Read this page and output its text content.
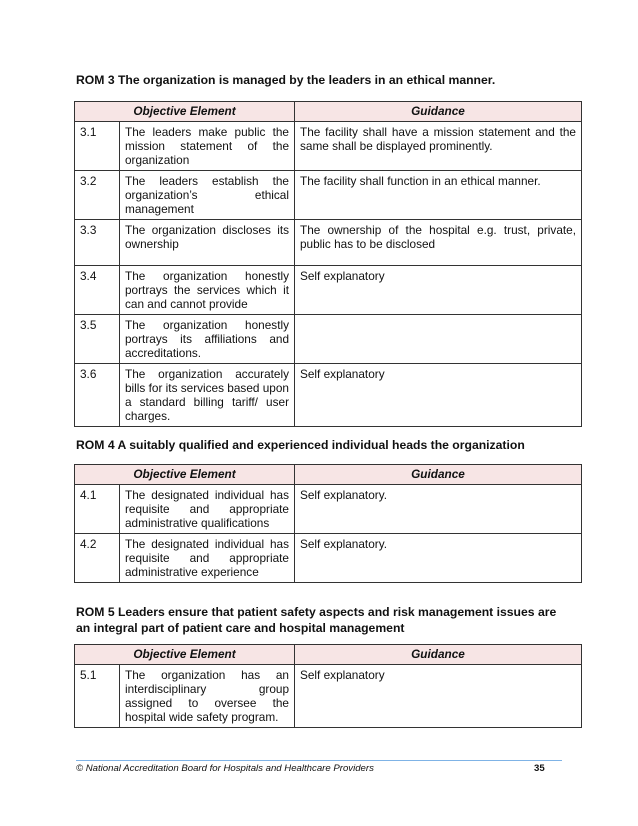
ROM 3 The organization is managed by the leaders in an ethical manner.

Objective Element		Guidance
3.1	The leaders make public the mission statement of the organization	The facility shall have a mission statement and the same shall be displayed prominently.
3.2	The leaders establish the organization’s ethical management	The facility shall function in an ethical manner.
3.3	The organization discloses its ownership	The ownership of the hospital e.g. trust, private, public has to be disclosed
3.4	The organization honestly portrays the services which it can and cannot provide	Self explanatory
3.5	The organization honestly portrays its affiliations and accreditations.	
3.6	The organization accurately bills for its services based upon a standard billing tariff/ user charges.	Self explanatory

ROM 4 A suitably qualified and experienced individual heads the organization

Objective Element		Guidance
4.1	The designated individual has requisite and appropriate administrative qualifications	Self explanatory.
4.2	The designated individual has requisite and appropriate administrative experience	Self explanatory.

ROM 5 Leaders ensure that patient safety aspects and risk management issues are an integral part of patient care and hospital management

Objective Element		Guidance
5.1	The organization has an interdisciplinary group assigned to oversee the hospital wide safety program.	Self explanatory
© National Accreditation Board for Hospitals and Healthcare Providers	35
